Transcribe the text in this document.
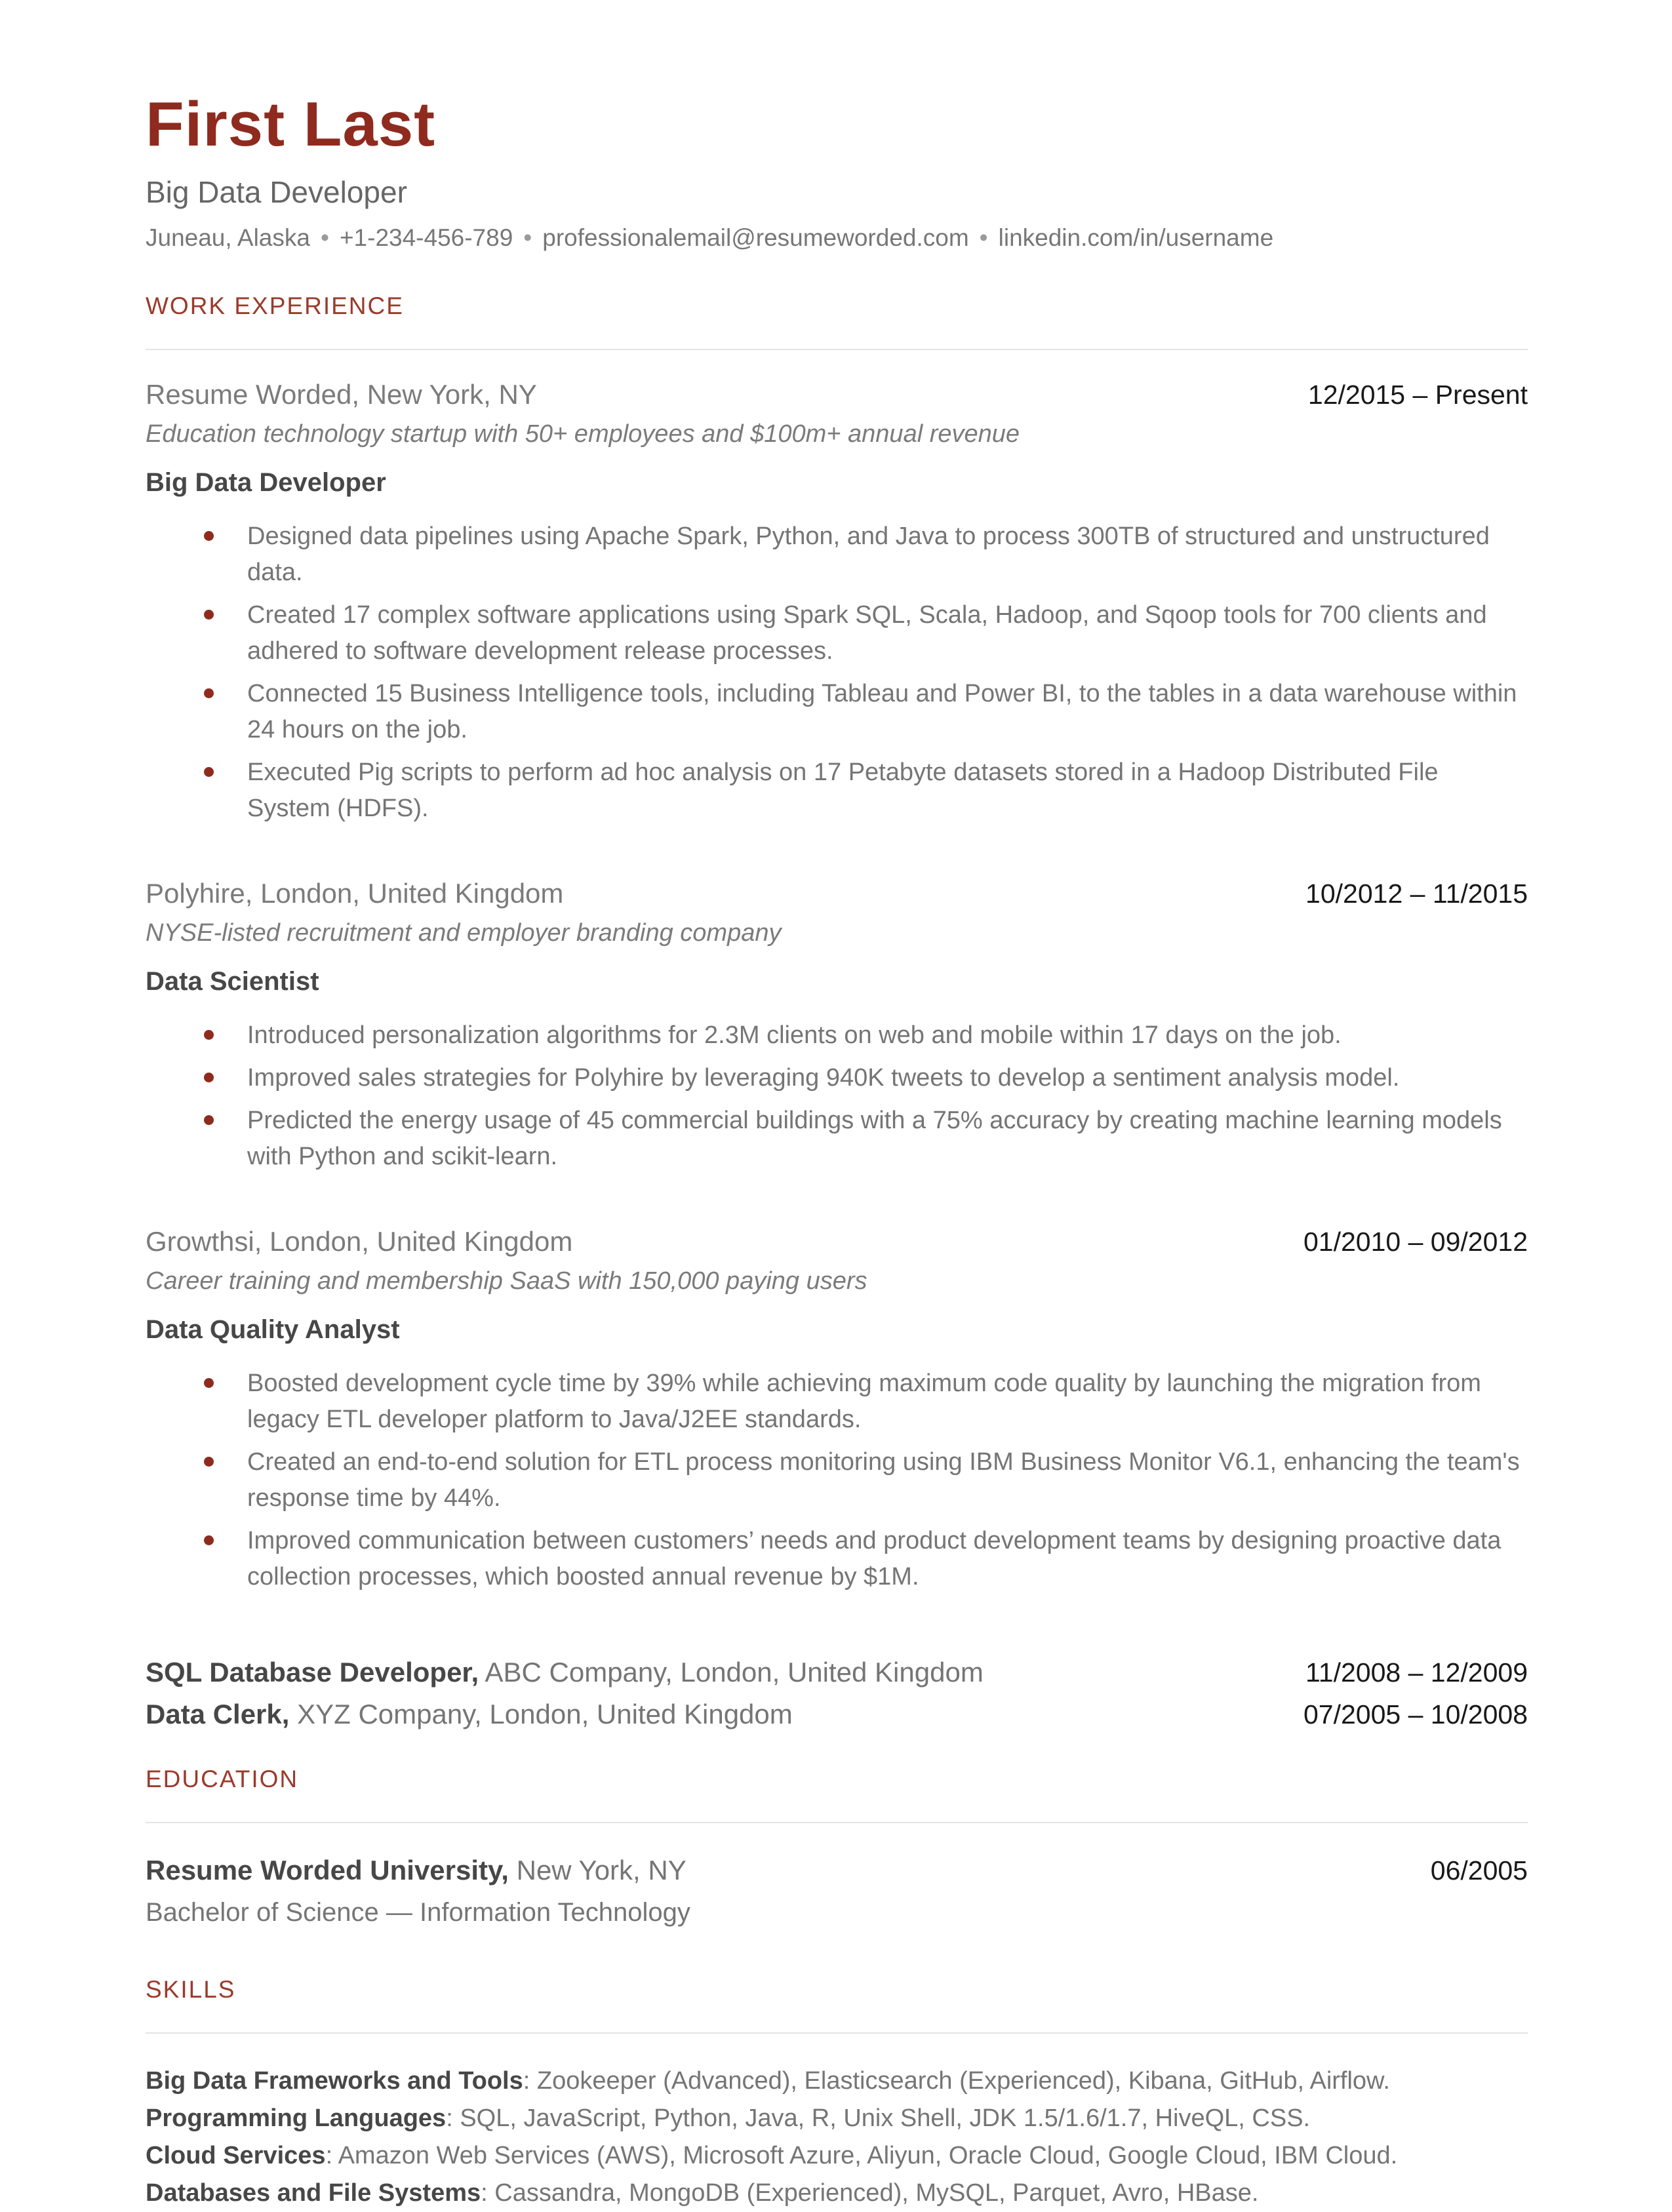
First Last
Big Data Developer
Juneau, Alaska • +1-234-456-789 • professionalemail@resumeworded.com • linkedin.com/in/username
WORK EXPERIENCE
Resume Worded, New York, NY	12/2015 – Present
Education technology startup with 50+ employees and $100m+ annual revenue
Big Data Developer
Designed data pipelines using Apache Spark, Python, and Java to process 300TB of structured and unstructured data.
Created 17 complex software applications using Spark SQL, Scala, Hadoop, and Sqoop tools for 700 clients and adhered to software development release processes.
Connected 15 Business Intelligence tools, including Tableau and Power BI, to the tables in a data warehouse within 24 hours on the job.
Executed Pig scripts to perform ad hoc analysis on 17 Petabyte datasets stored in a Hadoop Distributed File System (HDFS).
Polyhire, London, United Kingdom	10/2012 – 11/2015
NYSE-listed recruitment and employer branding company
Data Scientist
Introduced personalization algorithms for 2.3M clients on web and mobile within 17 days on the job.
Improved sales strategies for Polyhire by leveraging 940K tweets to develop a sentiment analysis model.
Predicted the energy usage of 45 commercial buildings with a 75% accuracy by creating machine learning models with Python and scikit-learn.
Growthsi, London, United Kingdom	01/2010 – 09/2012
Career training and membership SaaS with 150,000 paying users
Data Quality Analyst
Boosted development cycle time by 39% while achieving maximum code quality by launching the migration from legacy ETL developer platform to Java/J2EE standards.
Created an end-to-end solution for ETL process monitoring using IBM Business Monitor V6.1, enhancing the team's response time by 44%.
Improved communication between customers’ needs and product development teams by designing proactive data collection processes, which boosted annual revenue by $1M.
SQL Database Developer, ABC Company, London, United Kingdom	11/2008 – 12/2009
Data Clerk, XYZ Company, London, United Kingdom	07/2005 – 10/2008
EDUCATION
Resume Worded University, New York, NY	06/2005
Bachelor of Science — Information Technology
SKILLS
Big Data Frameworks and Tools: Zookeeper (Advanced), Elasticsearch (Experienced), Kibana, GitHub, Airflow.
Programming Languages: SQL, JavaScript, Python, Java, R, Unix Shell, JDK 1.5/1.6/1.7, HiveQL, CSS.
Cloud Services: Amazon Web Services (AWS), Microsoft Azure, Aliyun, Oracle Cloud, Google Cloud, IBM Cloud.
Databases and File Systems: Cassandra, MongoDB (Experienced), MySQL, Parquet, Avro, HBase.
